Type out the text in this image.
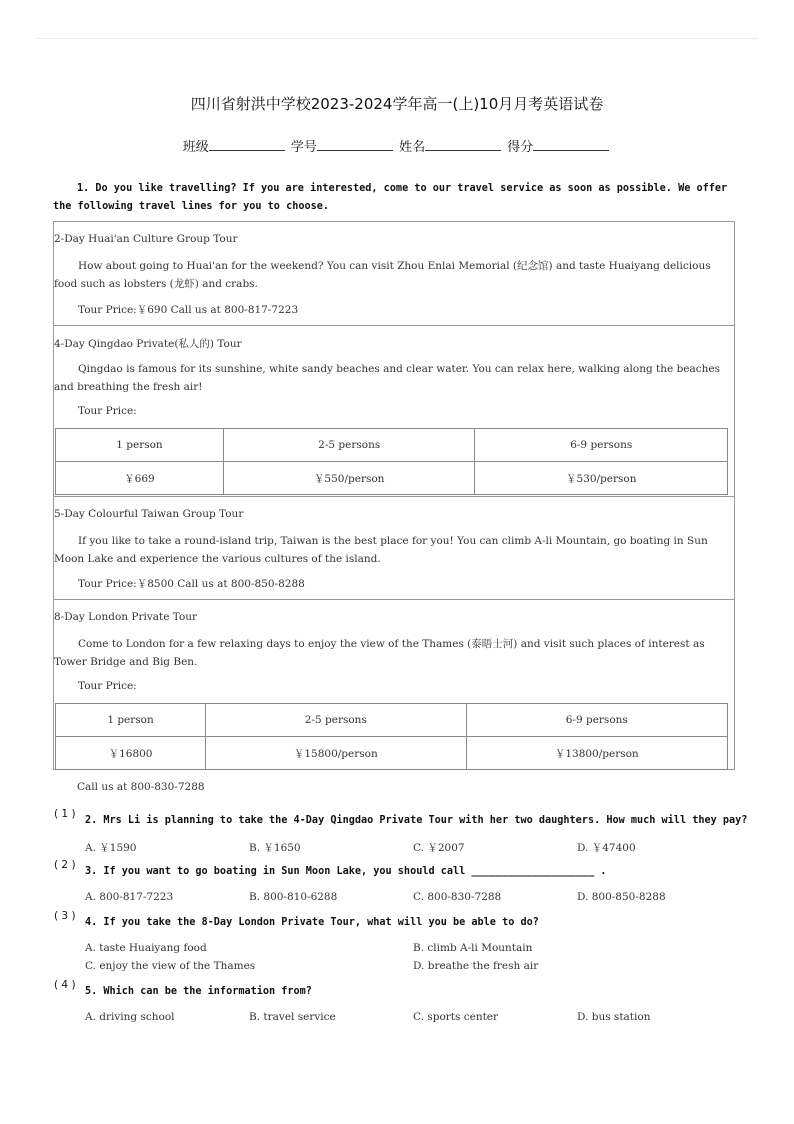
四川省射洪中学校2023-2024学年高一(上)10月月考英语试卷
班级	学号	姓名	得分
1. Do you like travelling? If you are interested, come to our travel service as soon as possible. We offer the following travel lines for you to choose.
2-Day Huai'an Culture Group Tour
How about going to Huai'an for the weekend? You can visit Zhou Enlai Memorial (纪念馆) and taste Huaiyang delicious food such as lobsters (龙虾) and crabs.
Tour Price:￥690 Call us at 800-817-7223
4-Day Qingdao Private(私人的) Tour
Qingdao is famous for its sunshine, white sandy beaches and clear water. You can relax here, walking along the beaches and breathing the fresh air!
Tour Price:
1 person	2-5 persons	6-9 persons
￥669	￥550/person	￥530/person
5-Day Colourful Taiwan Group Tour
If you like to take a round-island trip, Taiwan is the best place for you! You can climb A-li Mountain, go boating in Sun Moon Lake and experience the various cultures of the island.
Tour Price:￥8500 Call us at 800-850-8288
8-Day London Private Tour
Come to London for a few relaxing days to enjoy the view of the Thames (泰晤士河) and visit such places of interest as Tower Bridge and Big Ben.
Tour Price:
1 person	2-5 persons	6-9 persons
￥16800	￥15800/person	￥13800/person
Call us at 800-830-7288
( 1 )
2. Mrs Li is planning to take the 4-Day Qingdao Private Tour with her two daughters. How much will they pay?
A. ￥1590	B. ￥1650	C. ￥2007	D. ￥47400
( 2 )
3. If you want to go boating in Sun Moon Lake, you should call ____________________ .
A. 800-817-7223	B. 800-810-6288	C. 800-830-7288	D. 800-850-8288
( 3 )
4. If you take the 8-Day London Private Tour, what will you be able to do?
A. taste Huaiyang food	B. climb A-li Mountain
C. enjoy the view of the Thames	D. breathe the fresh air
( 4 )
5. Which can be the information from?
A. driving school	B. travel service	C. sports center	D. bus station
